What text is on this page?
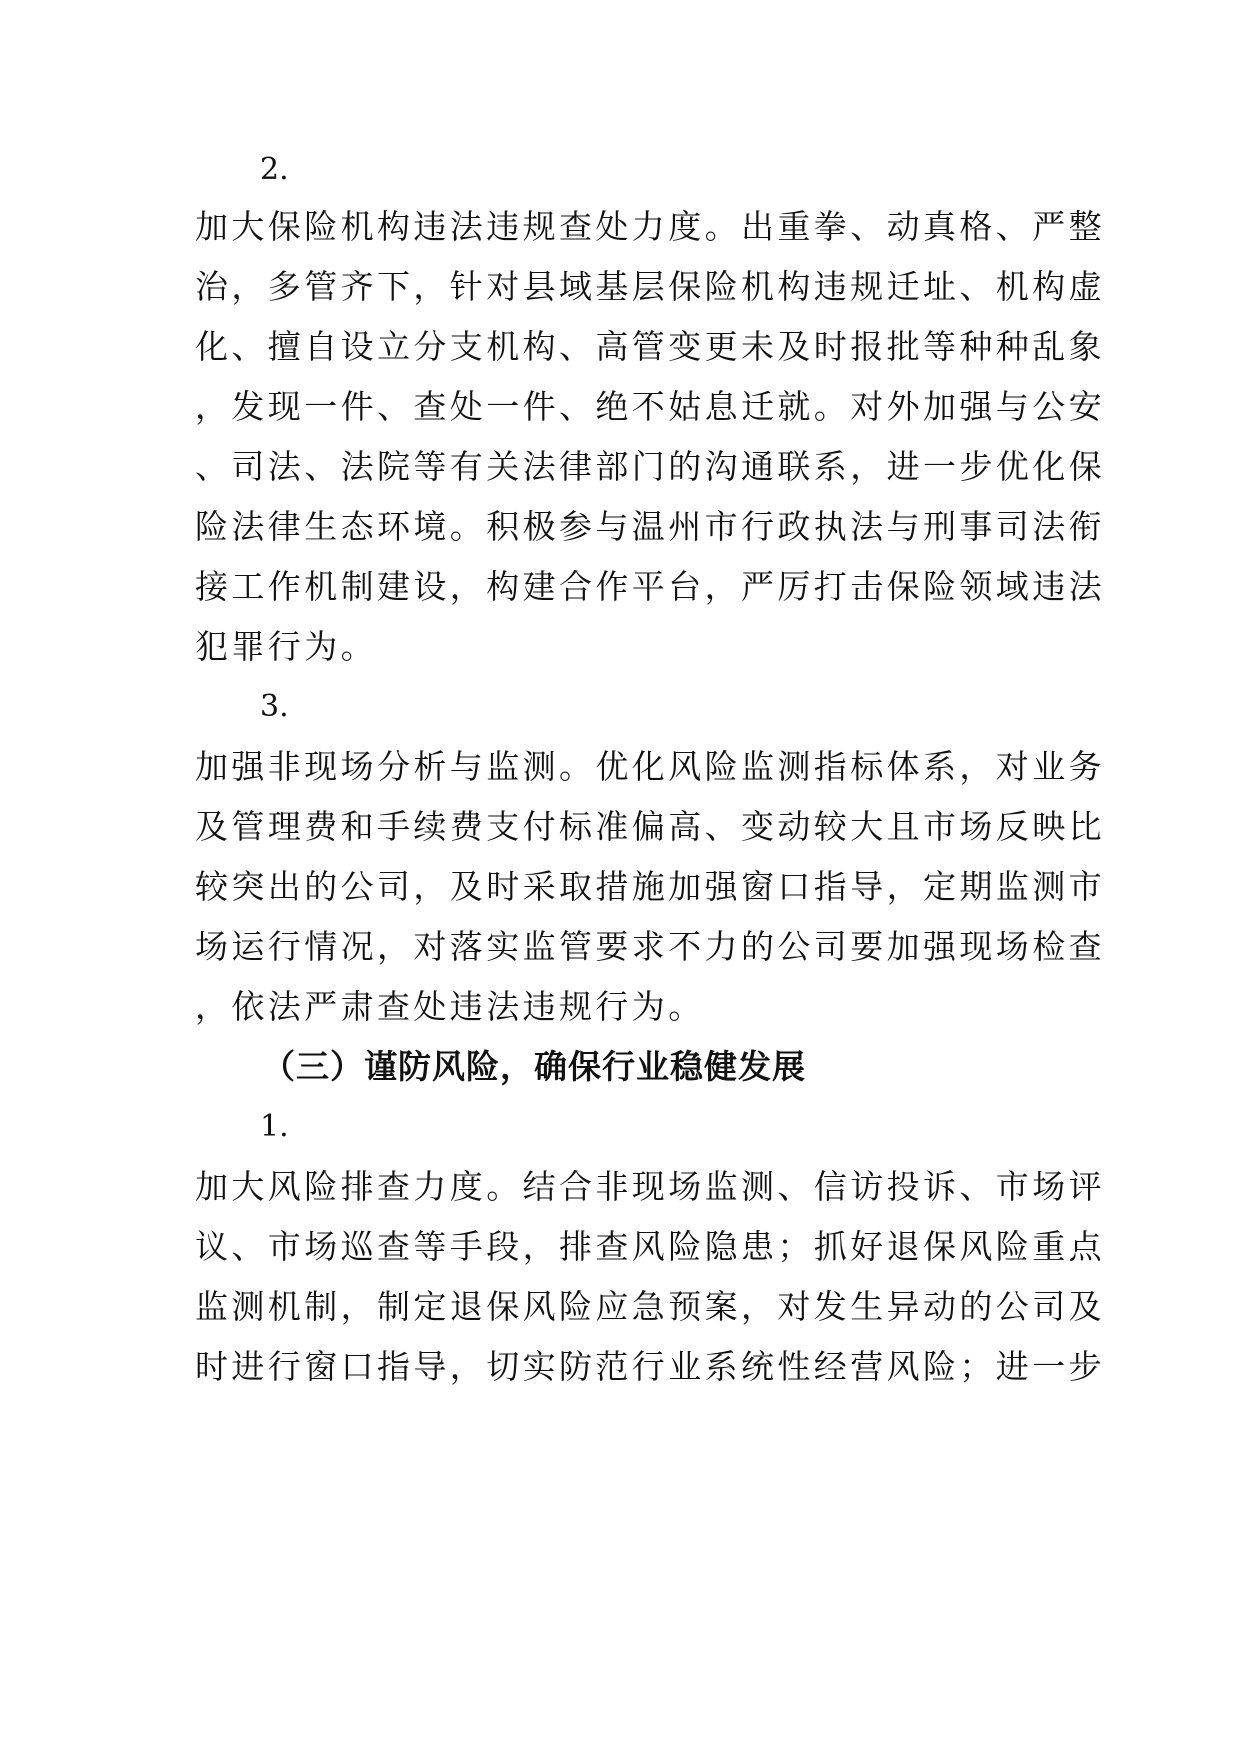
2.
加大保险机构违法违规查处力度。出重拳、动真格、严整
治，多管齐下，针对县域基层保险机构违规迁址、机构虚
化、擅自设立分支机构、高管变更未及时报批等种种乱象
，发现一件、查处一件、绝不姑息迁就。对外加强与公安
、司法、法院等有关法律部门的沟通联系，进一步优化保
险法律生态环境。积极参与温州市行政执法与刑事司法衔
接工作机制建设，构建合作平台，严厉打击保险领域违法
犯罪行为。
3.
加强非现场分析与监测。优化风险监测指标体系，对业务
及管理费和手续费支付标准偏高、变动较大且市场反映比
较突出的公司，及时采取措施加强窗口指导，定期监测市
场运行情况，对落实监管要求不力的公司要加强现场检查
，依法严肃查处违法违规行为。
（三）谨防风险，确保行业稳健发展
1.
加大风险排查力度。结合非现场监测、信访投诉、市场评
议、市场巡查等手段，排查风险隐患；抓好退保风险重点
监测机制，制定退保风险应急预案，对发生异动的公司及
时进行窗口指导，切实防范行业系统性经营风险；进一步
